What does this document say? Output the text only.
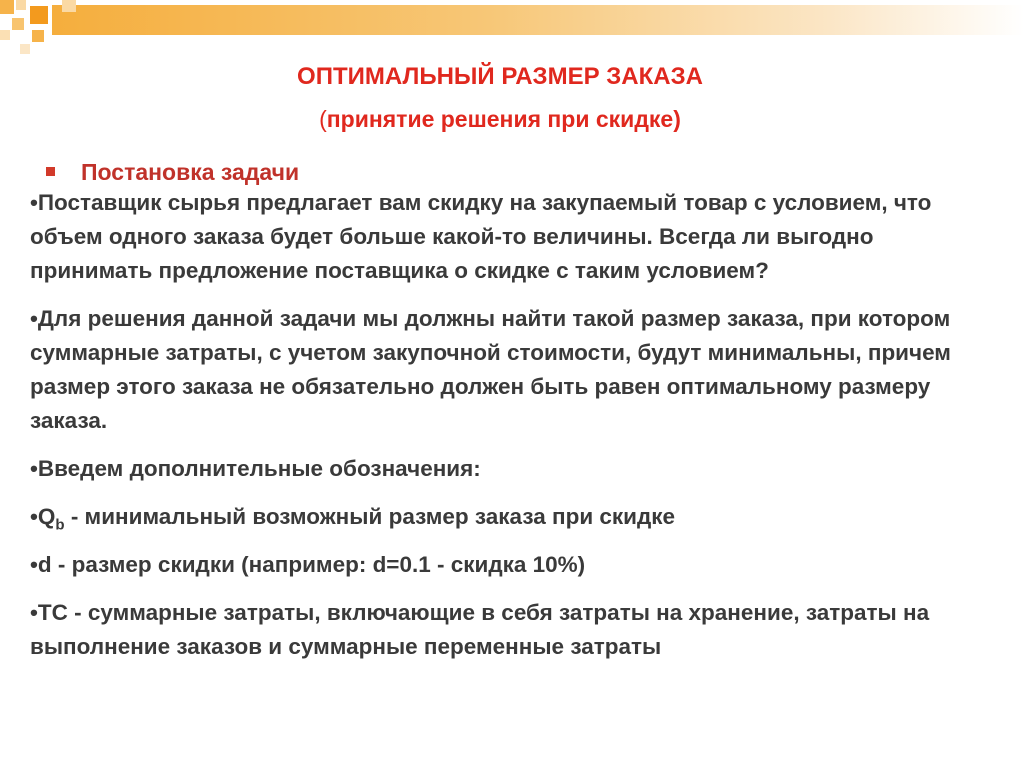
ОПТИМАЛЬНЫЙ РАЗМЕР ЗАКАЗА
(принятие решения при скидке)
Постановка задачи

•Поставщик сырья предлагает вам скидку на закупаемый товар с условием, что объем одного заказа будет больше какой-то величины. Всегда ли выгодно принимать предложение поставщика о скидке с таким условием?

•Для решения данной задачи мы должны найти такой размер заказа, при котором суммарные затраты, с учетом закупочной стоимости, будут минимальны, причем размер этого заказа не обязательно должен быть равен оптимальному размеру заказа.

•Введем дополнительные обозначения:

$•Q_b$ - минимальный возможный размер заказа при скидке

•d - размер скидки (например: d=0.1 - скидка 10%)

•TC - суммарные затраты, включающие в себя затраты на хранение, затраты на выполнение заказов и суммарные переменные затраты
